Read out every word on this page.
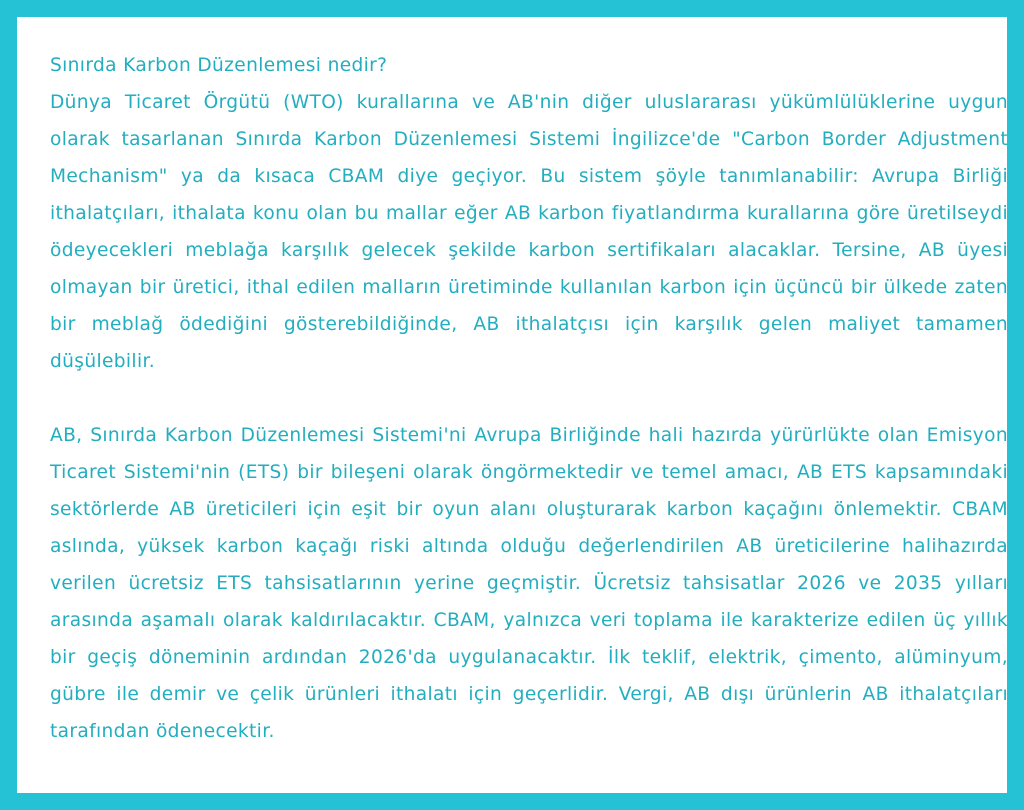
Sınırda Karbon Düzenlemesi nedir?

Dünya Ticaret Örgütü (WTO) kurallarına ve AB'nin diğer uluslararası yükümlülüklerine uygun olarak tasarlanan Sınırda Karbon Düzenlemesi Sistemi İngilizce'de "Carbon Border Adjustment Mechanism" ya da kısaca CBAM diye geçiyor. Bu sistem şöyle tanımlanabilir: Avrupa Birliği ithalatçıları, ithalata konu olan bu mallar eğer AB karbon fiyatlandırma kurallarına göre üretilseydi ödeyecekleri meblağa karşılık gelecek şekilde karbon sertifikaları alacaklar. Tersine, AB üyesi olmayan bir üretici, ithal edilen malların üretiminde kullanılan karbon için üçüncü bir ülkede zaten bir meblağ ödediğini gösterebildiğinde, AB ithalatçısı için karşılık gelen maliyet tamamen düşülebilir.

AB, Sınırda Karbon Düzenlemesi Sistemi'ni Avrupa Birliğinde hali hazırda yürürlükte olan Emisyon Ticaret Sistemi'nin (ETS) bir bileşeni olarak öngörmektedir ve temel amacı, AB ETS kapsamındaki sektörlerde AB üreticileri için eşit bir oyun alanı oluşturarak karbon kaçağını önlemektir. CBAM aslında, yüksek karbon kaçağı riski altında olduğu değerlendirilen AB üreticilerine halihazırda verilen ücretsiz ETS tahsisatlarının yerine geçmiştir. Ücretsiz tahsisatlar 2026 ve 2035 yılları arasında aşamalı olarak kaldırılacaktır. CBAM, yalnızca veri toplama ile karakterize edilen üç yıllık bir geçiş döneminin ardından 2026'da uygulanacaktır. İlk teklif, elektrik, çimento, alüminyum, gübre ile demir ve çelik ürünleri ithalatı için geçerlidir. Vergi, AB dışı ürünlerin AB ithalatçıları tarafından ödenecektir.
